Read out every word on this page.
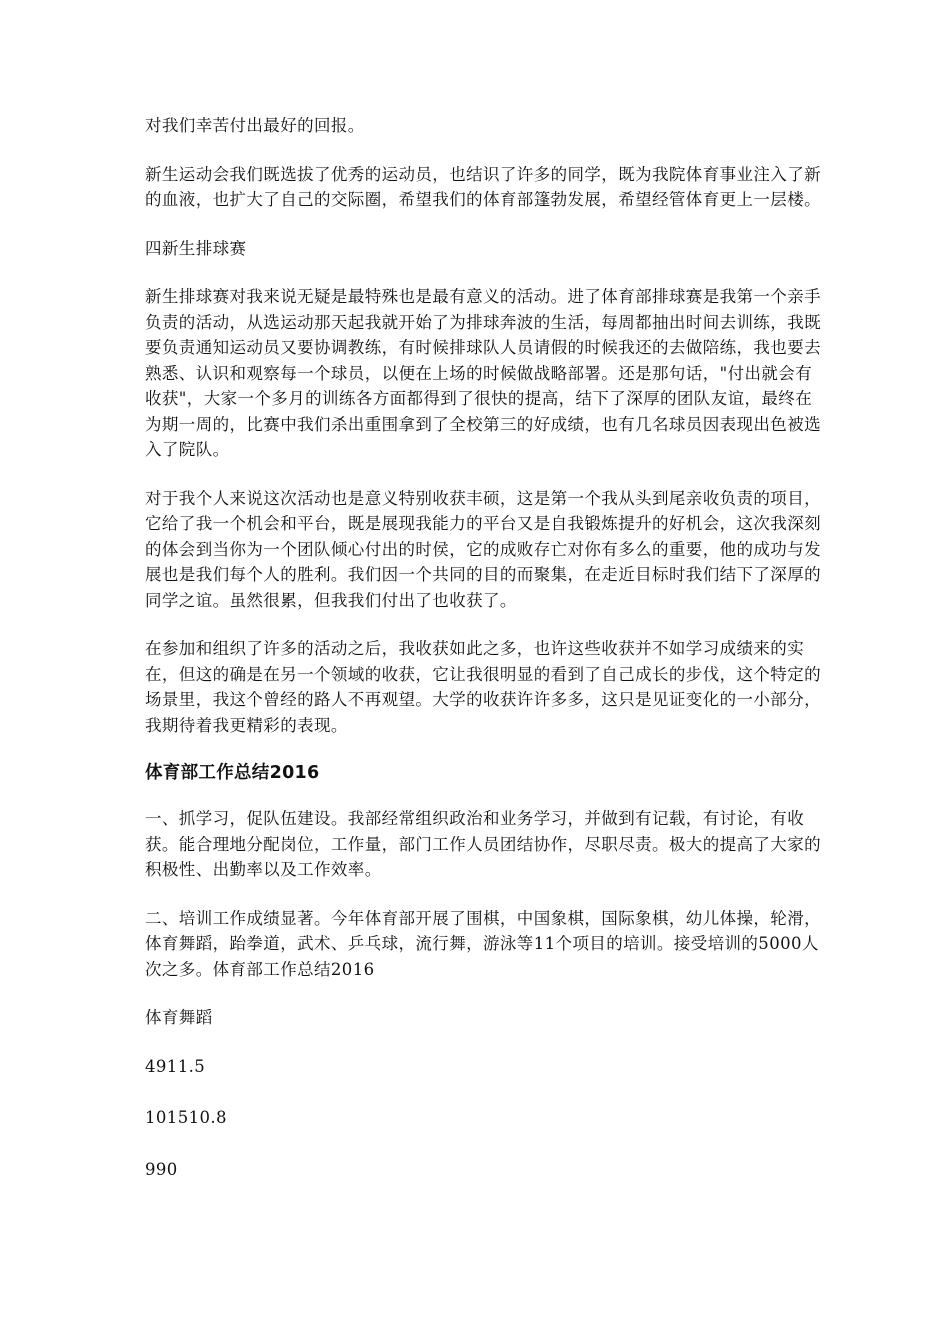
对我们幸苦付出最好的回报。

新生运动会我们既选拔了优秀的运动员，也结识了许多的同学，既为我院体育事业注入了新的血液，也扩大了自己的交际圈，希望我们的体育部篷勃发展，希望经管体育更上一层楼。

四新生排球赛

新生排球赛对我来说无疑是最特殊也是最有意义的活动。进了体育部排球赛是我第一个亲手负责的活动，从选运动那天起我就开始了为排球奔波的生活，每周都抽出时间去训练，我既要负责通知运动员又要协调教练，有时候排球队人员请假的时候我还的去做陪练，我也要去熟悉、认识和观察每一个球员，以便在上场的时候做战略部署。还是那句话，"付出就会有收获"，大家一个多月的训练各方面都得到了很快的提高，结下了深厚的团队友谊，最终在为期一周的，比赛中我们杀出重围拿到了全校第三的好成绩，也有几名球员因表现出色被选入了院队。

对于我个人来说这次活动也是意义特别收获丰硕，这是第一个我从头到尾亲收负责的项目，它给了我一个机会和平台，既是展现我能力的平台又是自我锻炼提升的好机会，这次我深刻的体会到当你为一个团队倾心付出的时侯，它的成败存亡对你有多么的重要，他的成功与发展也是我们每个人的胜利。我们因一个共同的目的而聚集，在走近目标时我们结下了深厚的同学之谊。虽然很累，但我我们付出了也收获了。

在参加和组织了许多的活动之后，我收获如此之多，也许这些收获并不如学习成绩来的实在，但这的确是在另一个领域的收获，它让我很明显的看到了自己成长的步伐，这个特定的场景里，我这个曾经的路人不再观望。大学的收获许许多多，这只是见证变化的一小部分，我期待着我更精彩的表现。

体育部工作总结2016

一、抓学习，促队伍建设。我部经常组织政治和业务学习，并做到有记载，有讨论，有收获。能合理地分配岗位，工作量，部门工作人员团结协作，尽职尽责。极大的提高了大家的积极性、出勤率以及工作效率。

二、培训工作成绩显著。今年体育部开展了围棋，中国象棋，国际象棋，幼儿体操，轮滑，体育舞蹈，跆拳道，武术、乒乓球，流行舞，游泳等11个项目的培训。接受培训的5000人次之多。体育部工作总结2016

体育舞蹈

4911.5

101510.8

990
